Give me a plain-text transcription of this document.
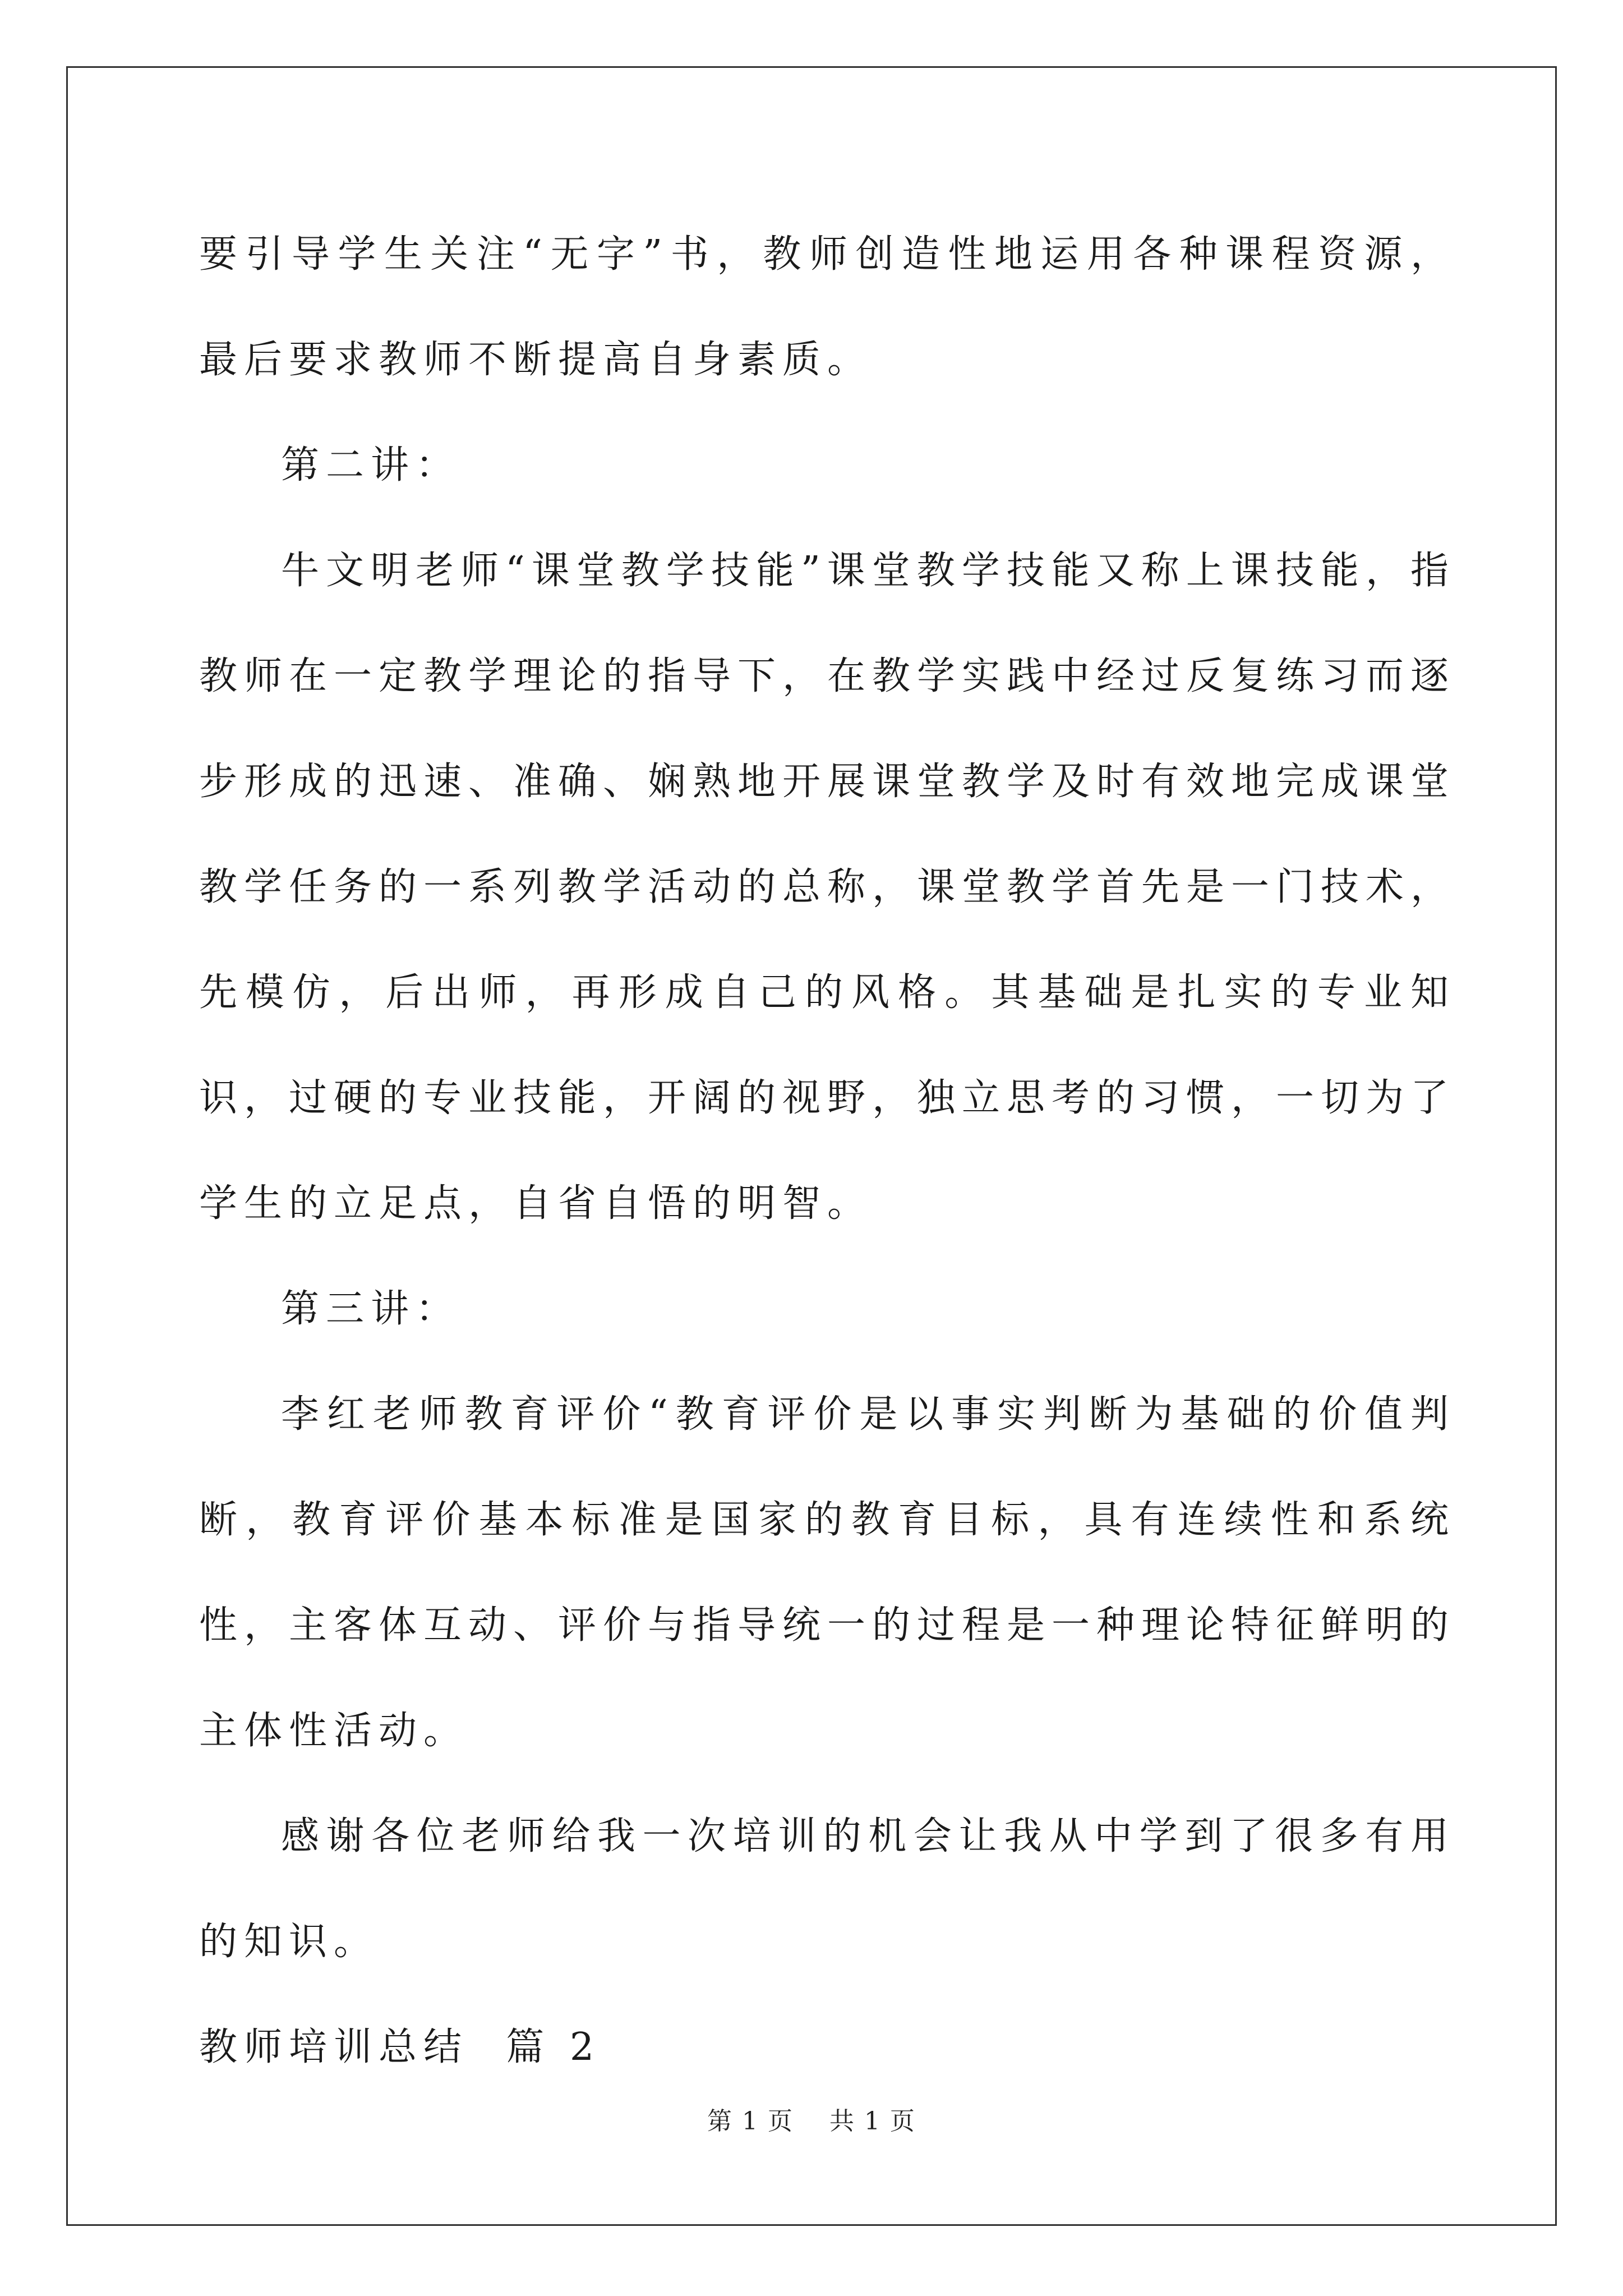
要引导学生关注“无字”书，教师创造性地运用各种课程资源，最后要求教师不断提高自身素质。

第二讲：

牛文明老师“课堂教学技能”课堂教学技能又称上课技能，指教师在一定教学理论的指导下，在教学实践中经过反复练习而逐步形成的迅速、准确、娴熟地开展课堂教学及时有效地完成课堂教学任务的一系列教学活动的总称，课堂教学首先是一门技术，先模仿，后出师，再形成自己的风格。其基础是扎实的专业知识，过硬的专业技能，开阔的视野，独立思考的习惯，一切为了学生的立足点，自省自悟的明智。

第三讲：

李红老师教育评价“教育评价是以事实判断为基础的价值判断，教育评价基本标准是国家的教育目标，具有连续性和系统性，主客体互动、评价与指导统一的过程是一种理论特征鲜明的主体性活动。

感谢各位老师给我一次培训的机会让我从中学到了很多有用的知识。

教师培训总结  篇 2

第 1 页    共 1 页
